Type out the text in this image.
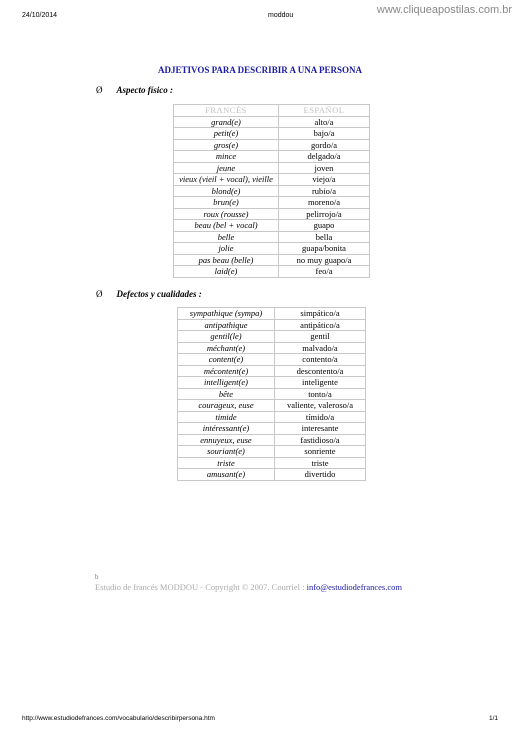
24/10/2014	moddou	www.cliqueapostilas.com.br
ADJETIVOS PARA DESCRIBIR A UNA PERSONA
Ø Aspecto físico :
FRANCÉS	ESPAÑOL
grand(e)	alto/a
petit(e)	bajo/a
gros(e)	gordo/a
mince	delgado/a
jeune	joven
vieux (vieil + vocal), vieille	viejo/a
blond(e)	rubio/a
brun(e)	moreno/a
roux (rousse)	pelirrojo/a
beau (bel + vocal)	guapo
belle	bella
jolie	guapa/bonita
pas beau (belle)	no muy guapo/a
laid(e)	feo/a
Ø Defectos y cualidades :
sympathique (sympa)	simpático/a
antipathique	antipático/a
gentil(le)	gentil
méchant(e)	malvado/a
content(e)	contento/a
mécontent(e)	descontento/a
intelligent(e)	inteligente
bête	tonto/a
courageux, euse	valiente, valeroso/a
timide	tímido/a
intéressant(e)	interesante
ennuyeux, euse	fastidioso/a
souriant(e)	sonriente
triste	triste
amusant(e)	divertido
b
Estudio de francés MODDOU - Copyright © 2007. Courriel : info@estudiodefrances.com
http://www.estudiodefrances.com/vocabulario/describirpersona.htm	1/1
